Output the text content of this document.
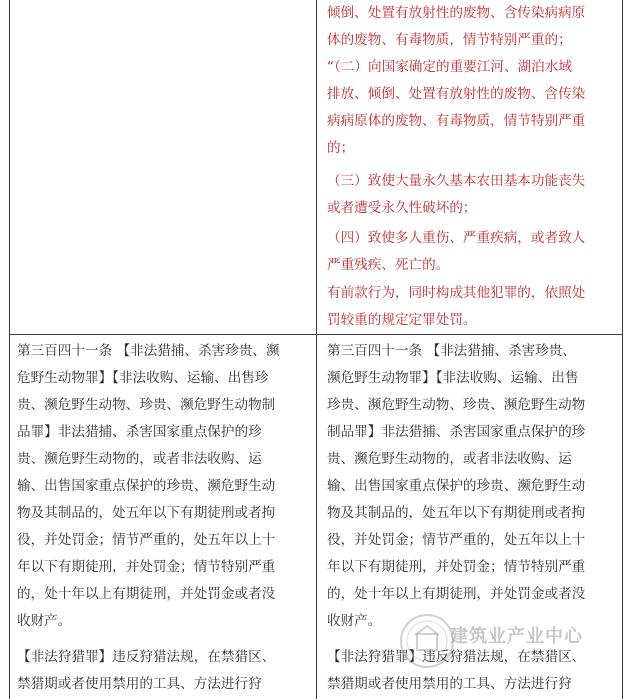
倾倒、处置有放射性的废物、含传染病病原
体的废物、有毒物质，情节特别严重的；
“（二）向国家确定的重要江河、湖泊水域
排放、倾倒、处置有放射性的废物、含传染
病病原体的废物、有毒物质，情节特别严重
的；
（三）致使大量永久基本农田基本功能丧失
或者遭受永久性破坏的；
（四）致使多人重伤、严重疾病，或者致人
严重残疾、死亡的。
有前款行为，同时构成其他犯罪的，依照处
罚较重的规定定罪处罚。
第三百四十一条 【非法猎捕、杀害珍贵、濒
危野生动物罪】【非法收购、运输、出售珍
贵、濒危野生动物、珍贵、濒危野生动物制
品罪】非法猎捕、杀害国家重点保护的珍
贵、濒危野生动物的，或者非法收购、运
输、出售国家重点保护的珍贵、濒危野生动
物及其制品的，处五年以下有期徒刑或者拘
役，并处罚金；情节严重的，处五年以上十
年以下有期徒刑，并处罚金；情节特别严重
的，处十年以上有期徒刑，并处罚金或者没
收财产。
【非法狩猎罪】违反狩猎法规，在禁猎区、
禁猎期或者使用禁用的工具、方法进行狩
第三百四十一条 【非法猎捕、杀害珍贵、
濒危野生动物罪】【非法收购、运输、出售
珍贵、濒危野生动物、珍贵、濒危野生动物
制品罪】非法猎捕、杀害国家重点保护的珍
贵、濒危野生动物的，或者非法收购、运
输、出售国家重点保护的珍贵、濒危野生动
物及其制品的，处五年以下有期徒刑或者拘
役，并处罚金；情节严重的，处五年以上十
年以下有期徒刑，并处罚金；情节特别严重
的，处十年以上有期徒刑，并处罚金或者没
收财产。
【非法狩猎罪】违反狩猎法规，在禁猎区、
禁猎期或者使用禁用的工具、方法进行狩
建筑业产业中心
